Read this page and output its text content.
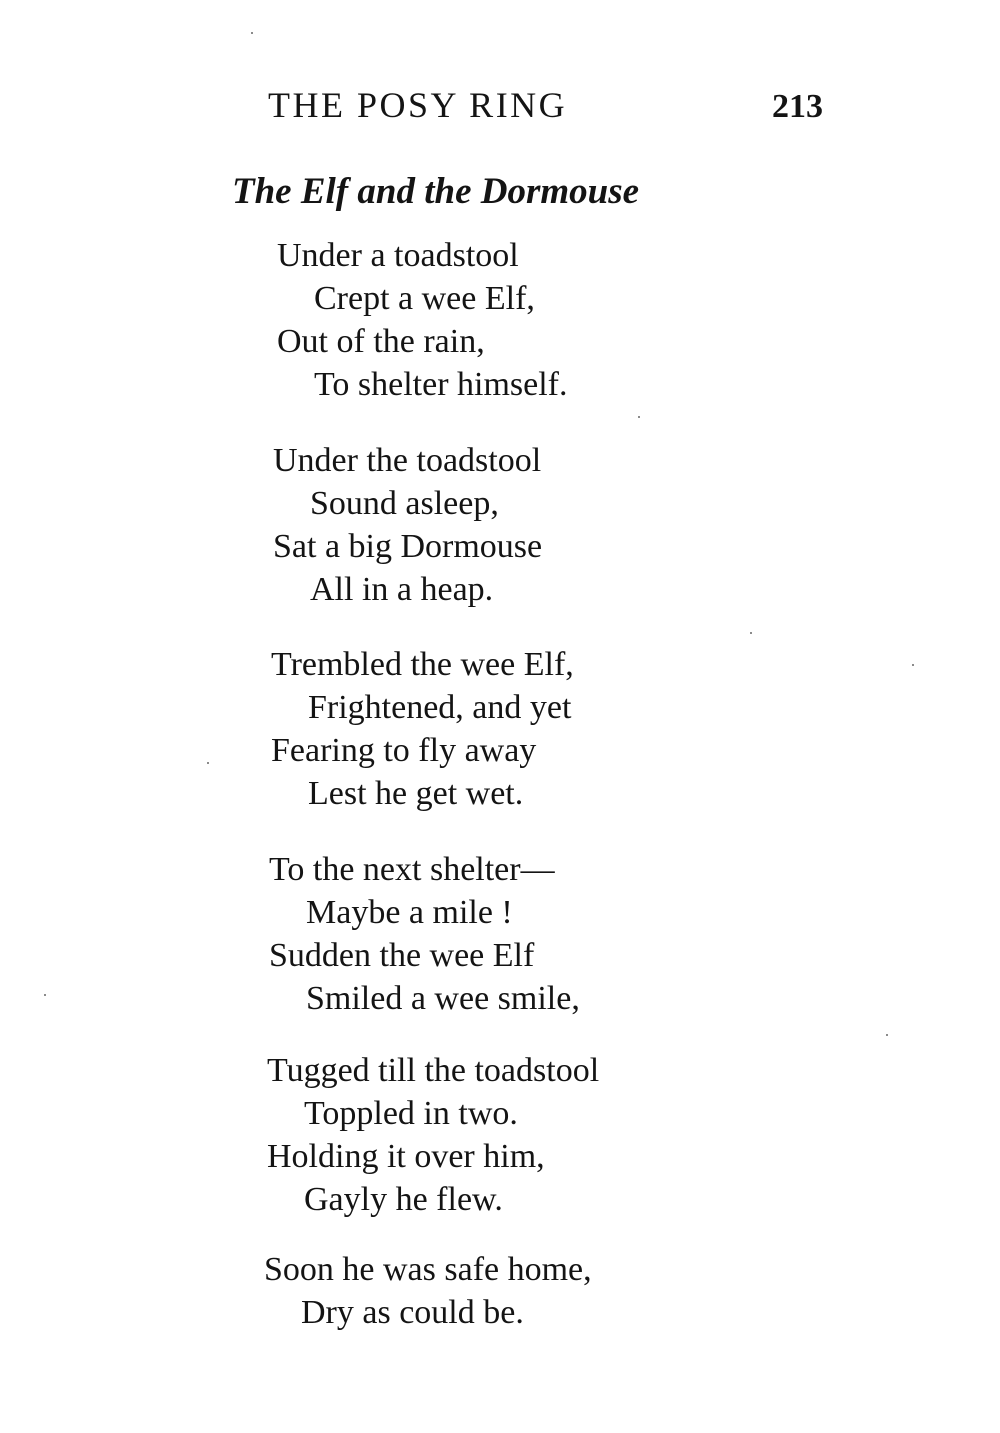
THE POSY RING	213
The Elf and the Dormouse
Under a toadstool
Crept a wee Elf,
Out of the rain,
To shelter himself.
Under the toadstool
Sound asleep,
Sat a big Dormouse
All in a heap.
Trembled the wee Elf,
Frightened, and yet
Fearing to fly away
Lest he get wet.
To the next shelter—
Maybe a mile !
Sudden the wee Elf
Smiled a wee smile,
Tugged till the toadstool
Toppled in two.
Holding it over him,
Gayly he flew.
Soon he was safe home,
Dry as could be.
